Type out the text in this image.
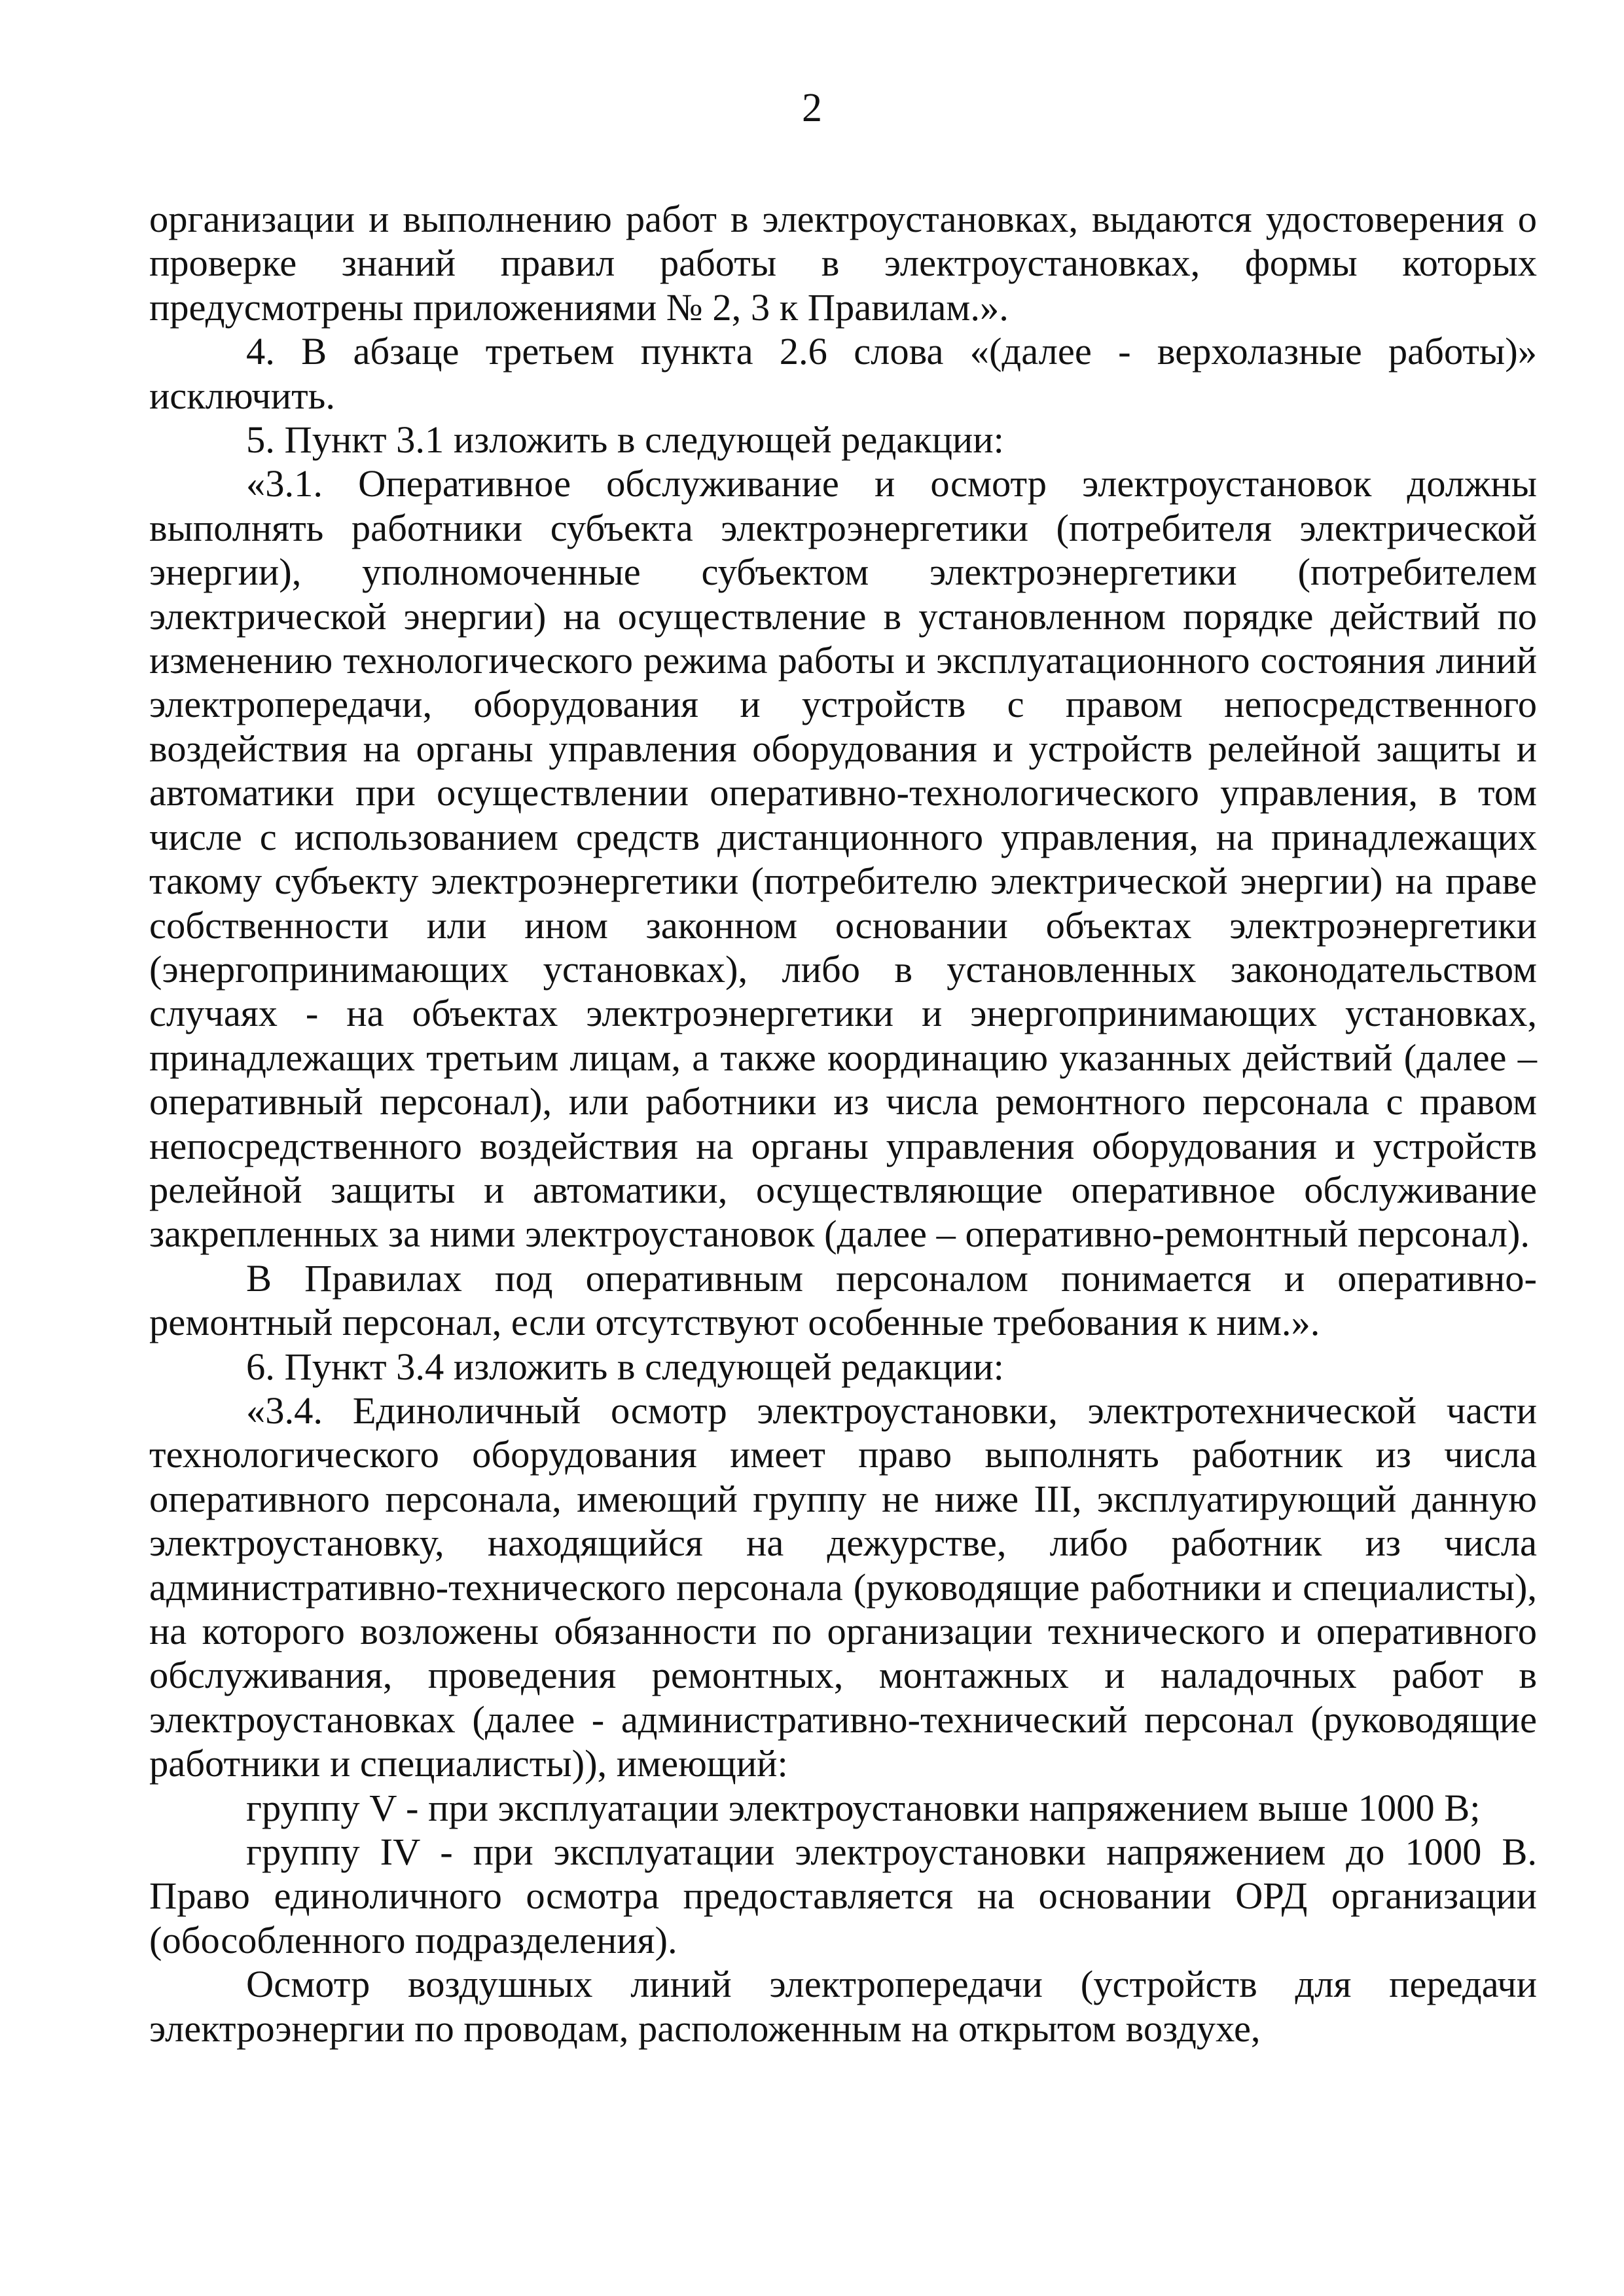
2

организации и выполнению работ в электроустановках, выдаются удостоверения о проверке знаний правил работы в электроустановках, формы которых предусмотрены приложениями № 2, 3 к Правилам.».

4. В абзаце третьем пункта 2.6 слова «(далее - верхолазные работы)» исключить.

5. Пункт 3.1 изложить в следующей редакции:

«3.1. Оперативное обслуживание и осмотр электроустановок должны выполнять работники субъекта электроэнергетики (потребителя электрической энергии), уполномоченные субъектом электроэнергетики (потребителем электрической энергии) на осуществление в установленном порядке действий по изменению технологического режима работы и эксплуатационного состояния линий электропередачи, оборудования и устройств с правом непосредственного воздействия на органы управления оборудования и устройств релейной защиты и автоматики при осуществлении оперативно-технологического управления, в том числе с использованием средств дистанционного управления, на принадлежащих такому субъекту электроэнергетики (потребителю электрической энергии) на праве собственности или ином законном основании объектах электроэнергетики (энергопринимающих установках), либо в установленных законодательством случаях - на объектах электроэнергетики и энергопринимающих установках, принадлежащих третьим лицам, а также координацию указанных действий (далее – оперативный персонал), или работники из числа ремонтного персонала с правом непосредственного воздействия на органы управления оборудования и устройств релейной защиты и автоматики, осуществляющие оперативное обслуживание закрепленных за ними электроустановок (далее – оперативно-ремонтный персонал).

В Правилах под оперативным персоналом понимается и оперативно-ремонтный персонал, если отсутствуют особенные требования к ним.».

6. Пункт 3.4 изложить в следующей редакции:

«3.4. Единоличный осмотр электроустановки, электротехнической части технологического оборудования имеет право выполнять работник из числа оперативного персонала, имеющий группу не ниже III, эксплуатирующий данную электроустановку, находящийся на дежурстве, либо работник из числа административно-технического персонала (руководящие работники и специалисты), на которого возложены обязанности по организации технического и оперативного обслуживания, проведения ремонтных, монтажных и наладочных работ в электроустановках (далее - административно-технический персонал (руководящие работники и специалисты)), имеющий:

группу V - при эксплуатации электроустановки напряжением выше 1000 В;

группу IV - при эксплуатации электроустановки напряжением до 1000 В. Право единоличного осмотра предоставляется на основании ОРД организации (обособленного подразделения).

Осмотр воздушных линий электропередачи (устройств для передачи электроэнергии по проводам, расположенным на открытом воздухе,
